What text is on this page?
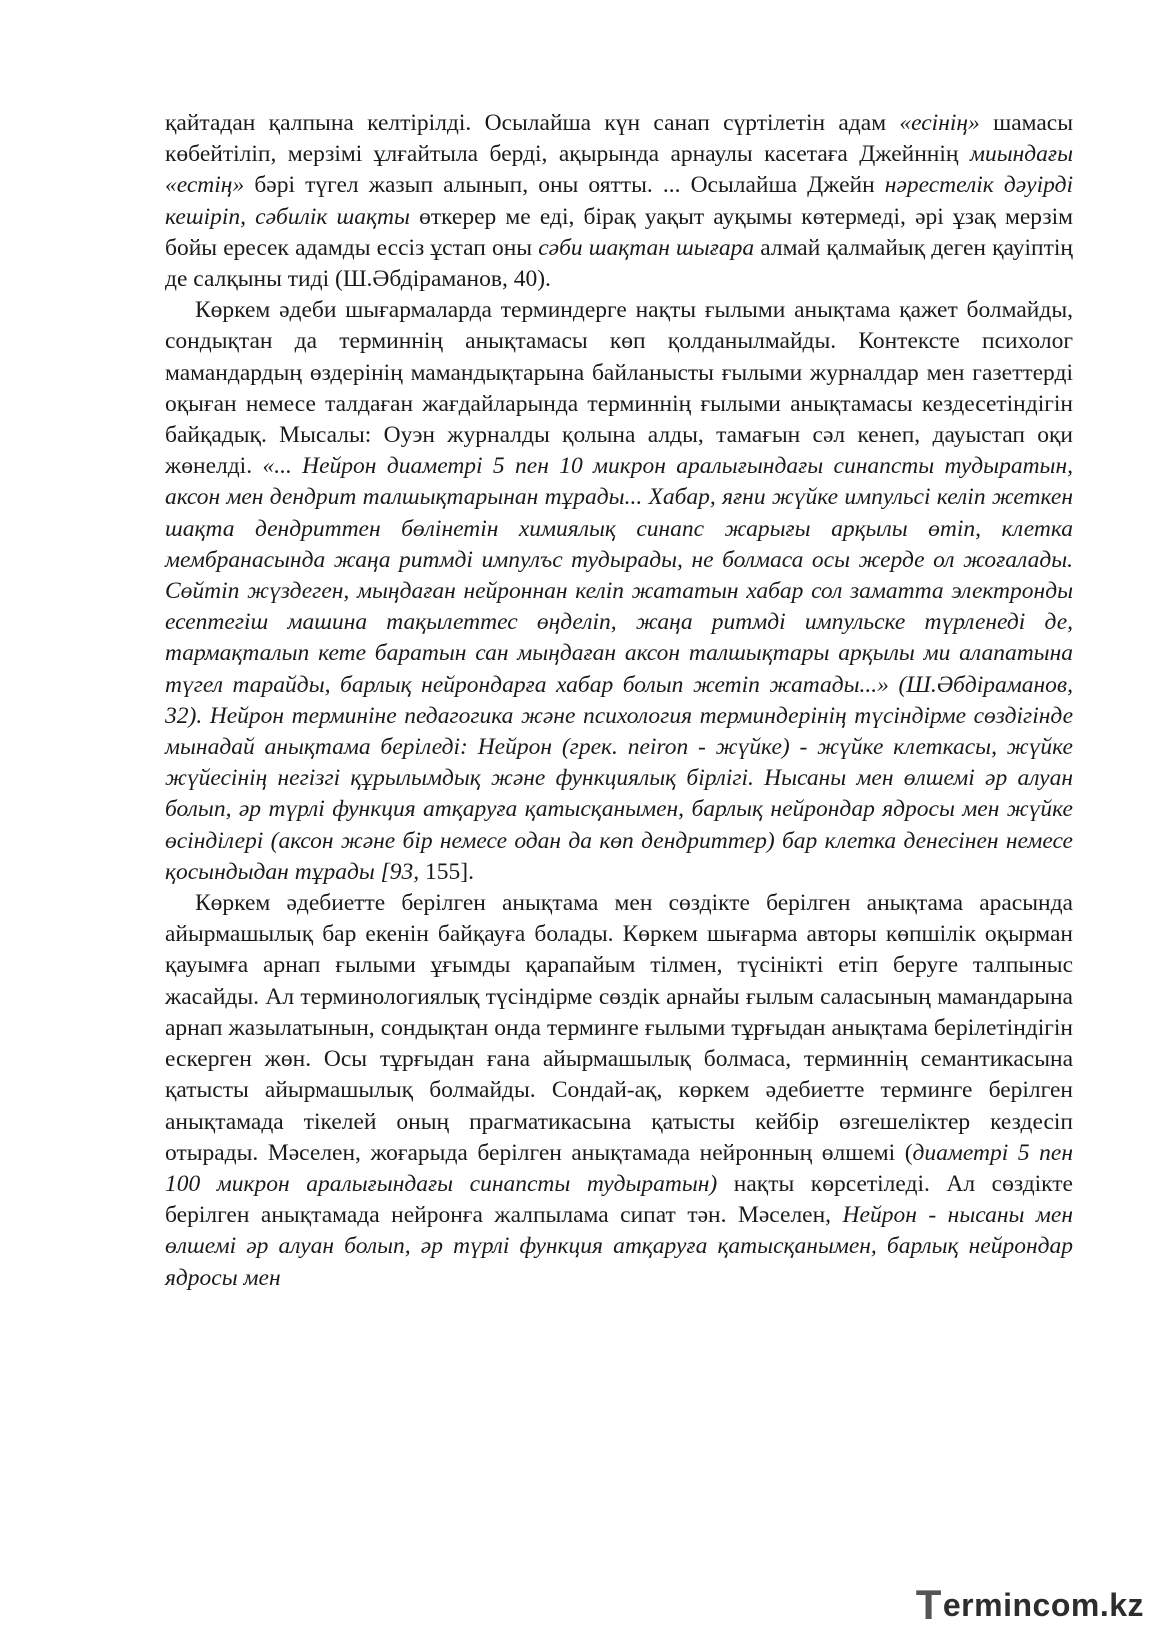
қайтадан қалпына келтірілді. Осылайша күн санап сүртілетін адам «есінің» шамасы көбейтіліп, мерзімі ұлғайтыла берді, ақырында арнаулы касетаға Джейннің миындағы «естің» бәрі түгел жазып алынып, оны оятты. ... Осылайша Джейн нәрестелік дәуірді кешіріп, сәбилік шақты өткерер ме еді, бірақ уақыт ауқымы көтермеді, әрі ұзақ мерзім бойы ересек адамды ессіз ұстап оны сәби шақтан шығара алмай қалмайық деген қауіптің де салқыны тиді (Ш.Әбдіраманов, 40).

Көркем әдеби шығармаларда терминдерге нақты ғылыми анықтама қажет болмайды, сондықтан да терминнің анықтамасы көп қолданылмайды. Контексте психолог мамандардың өздерінің мамандықтарына байланысты ғылыми журналдар мен газеттерді оқыған немесе талдаған жағдайларында терминнің ғылыми анықтамасы кездесетіндігін байқадық. Мысалы: Оуэн журналды қолына алды, тамағын сәл кенеп, дауыстап оқи жөнелді. «... Нейрон диаметрі 5 пен 10 микрон аралығындағы синапсты тудыратын, аксон мен дендрит талшықтарынан тұрады... Хабар, яғни жүйке импульсі келіп жеткен шақта дендриттен бөлінетін химиялық синапс жарығы арқылы өтіп, клетка мембранасында жаңа ритмді импулъс тудырады, не болмаса осы жерде ол жоғалады. Сөйтіп жүздеген, мыңдаған нейроннан келіп жататын хабар сол заматта электронды есептегіш машина тақылеттес өңделіп, жаңа ритмді импульске түрленеді де, тармақталып кете баратын сан мыңдаған аксон талшықтары арқылы ми алапатына түгел тарайды, барлық нейрондарға хабар болып жетіп жатады...» (Ш.Әбдіраманов, 32). Нейрон терминіне педагогика және психология терминдерінің түсіндірме сөздігінде мынадай анықтама беріледі: Нейрон (грек. neiron - жүйке) - жүйке клеткасы, жүйке жүйесінің негізгі құрылымдық және функциялық бірлігі. Нысаны мен өлшемі әр алуан болып, әр түрлі функция атқаруға қатысқанымен, барлық нейрондар ядросы мен жүйке өсінділері (аксон және бір немесе одан да көп дендриттер) бар клетка денесінен немесе қосындыдан тұрады [93, 155].

Көркем әдебиетте берілген анықтама мен сөздікте берілген анықтама арасында айырмашылық бар екенін байқауға болады. Көркем шығарма авторы көпшілік оқырман қауымға арнап ғылыми ұғымды қарапайым тілмен, түсінікті етіп беруге талпыныс жасайды. Ал терминологиялық түсіндірме сөздік арнайы ғылым саласының мамандарына арнап жазылатынын, сондықтан онда терминге ғылыми тұрғыдан анықтама берілетіндігін ескерген жөн. Осы тұрғыдан ғана айырмашылық болмаса, терминнің семантикасына қатысты айырмашылық болмайды. Сондай-ақ, көркем әдебиетте терминге берілген анықтамада тікелей оның прагматикасына қатысты кейбір өзгешеліктер кездесіп отырады. Мәселен, жоғарыда берілген анықтамада нейронның өлшемі (диаметрі 5 пен 100 микрон аралығындағы синапсты тудыратын) нақты көрсетіледі. Ал сөздікте берілген анықтамада нейронға жалпылама сипат тән. Мәселен, Нейрон - нысаны мен өлшемі әр алуан болып, әр түрлі функция атқаруға қатысқанымен, барлық нейрондар ядросы мен

T ermincom.kz
